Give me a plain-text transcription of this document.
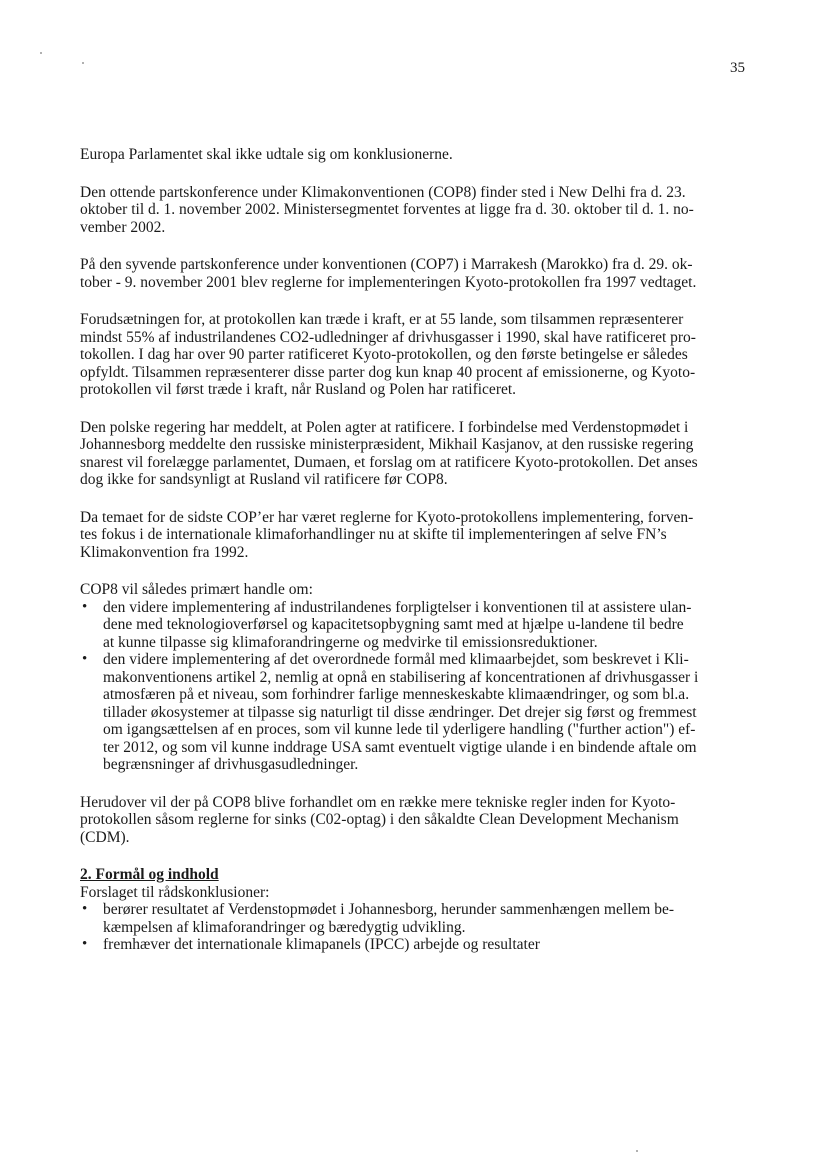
35
Europa Parlamentet skal ikke udtale sig om konklusionerne.
Den ottende partskonference under Klimakonventionen (COP8) finder sted i New Delhi fra d. 23.
oktober til d. 1. november 2002. Ministersegmentet forventes at ligge fra d. 30. oktober til d. 1. no-
vember 2002.
På den syvende partskonference under konventionen (COP7) i Marrakesh (Marokko) fra d. 29. ok-
tober - 9. november 2001 blev reglerne for implementeringen Kyoto-protokollen fra 1997 vedtaget.
Forudsætningen for, at protokollen kan træde i kraft, er at 55 lande, som tilsammen repræsenterer
mindst 55% af industrilandenes CO2-udledninger af drivhusgasser i 1990, skal have ratificeret pro-
tokollen. I dag har over 90 parter ratificeret Kyoto-protokollen, og den første betingelse er således
opfyldt. Tilsammen repræsenterer disse parter dog kun knap 40 procent af emissionerne, og Kyoto-
protokollen vil først træde i kraft, når Rusland og Polen har ratificeret.
Den polske regering har meddelt, at Polen agter at ratificere. I forbindelse med Verdenstopmødet i
Johannesborg meddelte den russiske ministerpræsident, Mikhail Kasjanov, at den russiske regering
snarest vil forelægge parlamentet, Dumaen, et forslag om at ratificere Kyoto-protokollen. Det anses
dog ikke for sandsynligt at Rusland vil ratificere før COP8.
Da temaet for de sidste COP’er har været reglerne for Kyoto-protokollens implementering, forven-
tes fokus i de internationale klimaforhandlinger nu at skifte til implementeringen af selve FN’s
Klimakonvention fra 1992.
COP8 vil således primært handle om:
• den videre implementering af industrilandenes forpligtelser i konventionen til at assistere ulan-
dene med teknologioverførsel og kapacitetsopbygning samt med at hjælpe u-landene til bedre
at kunne tilpasse sig klimaforandringerne og medvirke til emissionsreduktioner.
• den videre implementering af det overordnede formål med klimaarbejdet, som beskrevet i Kli-
makonventionens artikel 2, nemlig at opnå en stabilisering af koncentrationen af drivhusgasser i
atmosfæren på et niveau, som forhindrer farlige menneskeskabte klimaændringer, og som bl.a.
tillader økosystemer at tilpasse sig naturligt til disse ændringer. Det drejer sig først og fremmest
om igangsættelsen af en proces, som vil kunne lede til yderligere handling ("further action") ef-
ter 2012, og som vil kunne inddrage USA samt eventuelt vigtige ulande i en bindende aftale om
begrænsninger af drivhusgasudledninger.
Herudover vil der på COP8 blive forhandlet om en række mere tekniske regler inden for Kyoto-
protokollen såsom reglerne for sinks (C02-optag) i den såkaldte Clean Development Mechanism
(CDM).
2. Formål og indhold
Forslaget til rådskonklusioner:
• berører resultatet af Verdenstopmødet i Johannesborg, herunder sammenhængen mellem be-
kæmpelsen af klimaforandringer og bæredygtig udvikling.
• fremhæver det internationale klimapanels (IPCC) arbejde og resultater
